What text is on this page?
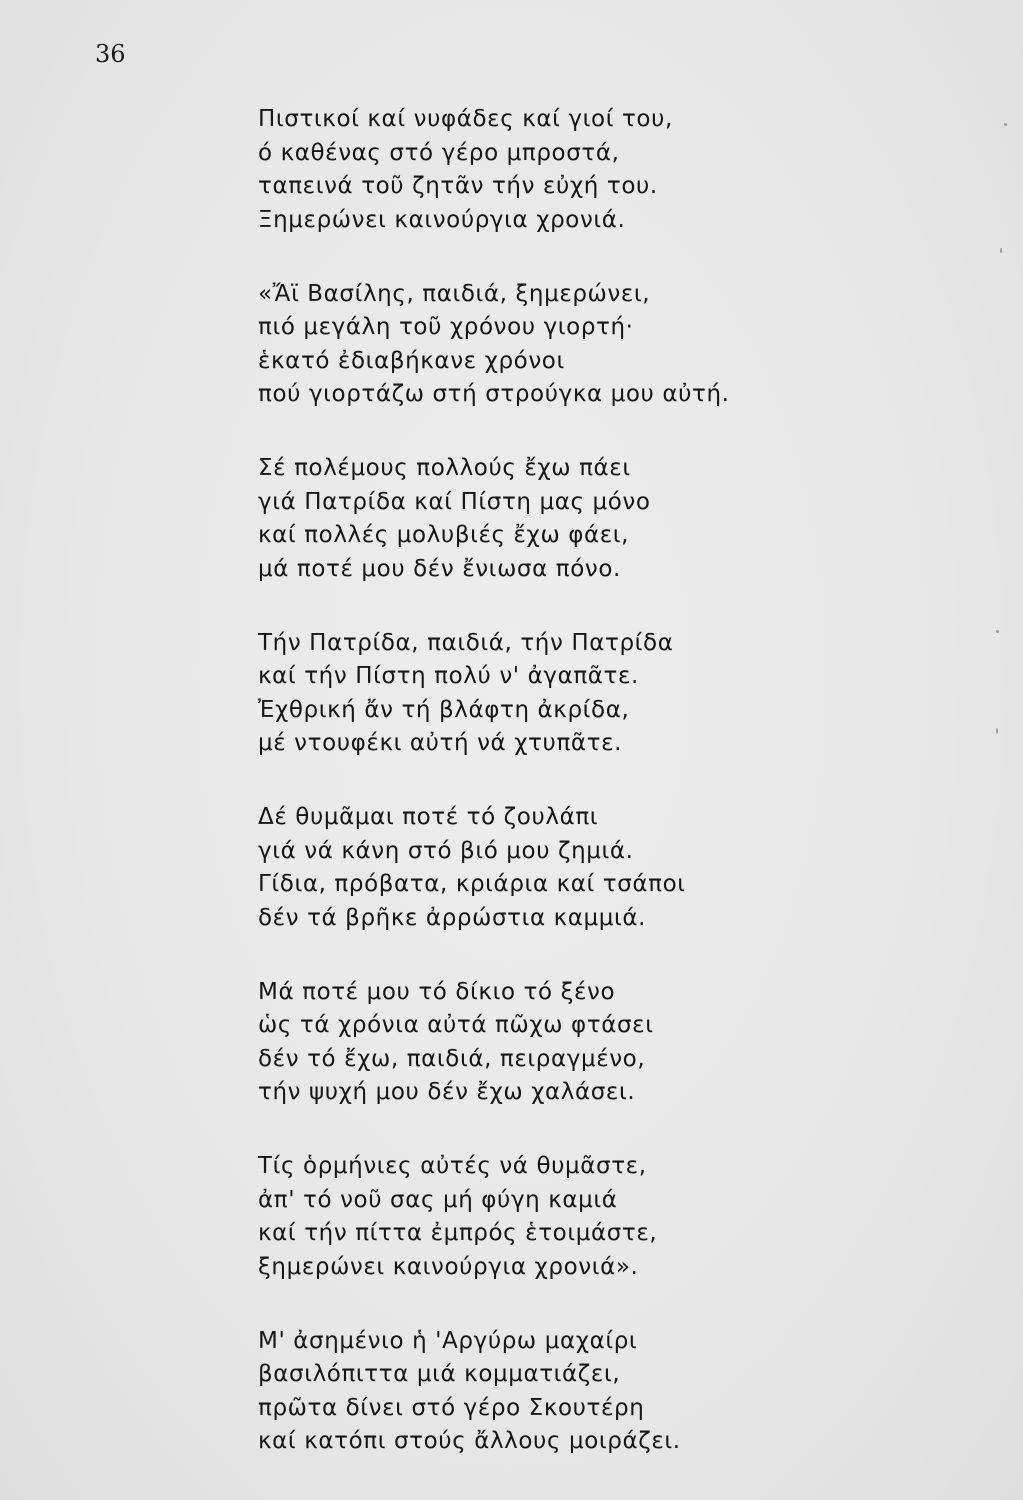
36
Πιστικοί καί νυφάδες καί γιοί του,
ό καθένας στό γέρο μπροστά,
ταπεινά τοῦ ζητᾶν τήν εὐχή του.
Ξημερώνει καινούργια χρονιά.
«Ἄϊ Βασίλης, παιδιά, ξημερώνει,
πιό μεγάλη τοῦ χρόνου γιορτή·
ἑκατό ἐδιαβήκανε χρόνοι
πού γιορτάζω στή στρούγκα μου αὐτή.
Σέ πολέμους πολλούς ἔχω πάει
γιά Πατρίδα καί Πίστη μας μόνο
καί πολλές μολυβιές ἔχω φάει,
μά ποτέ μου δέν ἔνιωσα πόνο.
Τήν Πατρίδα, παιδιά, τήν Πατρίδα
καί τήν Πίστη πολύ ν' ἀγαπᾶτε.
Ἐχθρική ἄν τή βλάφτη ἀκρίδα,
μέ ντουφέκι αὐτή νά χτυπᾶτε.
Δέ θυμᾶμαι ποτέ τό ζουλάπι
γιά νά κάνη στό βιό μου ζημιά.
Γίδια, πρόβατα, κριάρια καί τσάποι
δέν τά βρῆκε ἀρρώστια καμμιά.
Μά ποτέ μου τό δίκιο τό ξένο
ὡς τά χρόνια αὐτά πῶχω φτάσει
δέν τό ἔχω, παιδιά, πειραγμένο,
τήν ψυχή μου δέν ἔχω χαλάσει.
Τίς ὁρμήνιες αὐτές νά θυμᾶστε,
ἀπ' τό νοῦ σας μή φύγη καμιά
καί τήν πίττα ἐμπρός ἑτοιμάστε,
ξημερώνει καινούργια χρονιά».
Μ' ἀσημένιο ἡ 'Αργύρω μαχαίρι
βασιλόπιττα μιά κομματιάζει,
πρῶτα δίνει στό γέρο Σκουτέρη
καί κατόπι στούς ἄλλους μοιράζει.
